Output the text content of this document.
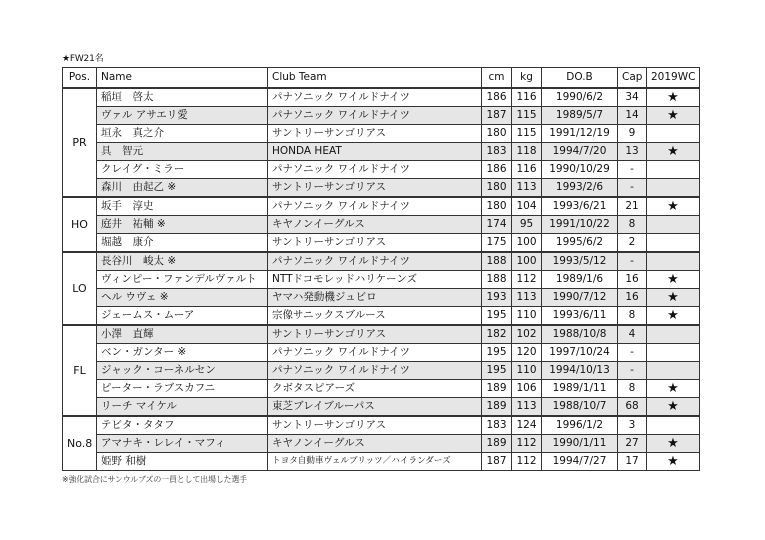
★FW21名
Pos.	Name	Club Team	cm	kg	DO.B	Cap	2019WC
PR	稲垣　啓太	パナソニック ワイルドナイツ	186	116	1990/6/2	34	★
	ヴァル アサエリ愛	パナソニック ワイルドナイツ	187	115	1989/5/7	14	★
	垣永　真之介	サントリーサンゴリアス	180	115	1991/12/19	9	
	具　智元	HONDA HEAT	183	118	1994/7/20	13	★
	クレイグ・ミラー	パナソニック ワイルドナイツ	186	116	1990/10/29	-	
	森川　由起乙 ※	サントリーサンゴリアス	180	113	1993/2/6	-	
HO	坂手　淳史	パナソニック ワイルドナイツ	180	104	1993/6/21	21	★
	庭井　祐輔 ※	キヤノンイーグルス	174	95	1991/10/22	8	
	堀越　康介	サントリーサンゴリアス	175	100	1995/6/2	2	
LO	長谷川　峻太 ※	パナソニック ワイルドナイツ	188	100	1993/5/12	-	
	ヴィンピー・ファンデルヴァルト	NTTドコモレッドハリケーンズ	188	112	1989/1/6	16	★
	ヘル ウヴェ ※	ヤマハ発動機ジュビロ	193	113	1990/7/12	16	★
	ジェームス・ムーア	宗像サニックスブルース	195	110	1993/6/11	8	★
FL	小澤　直輝	サントリーサンゴリアス	182	102	1988/10/8	4	
	ベン・ガンター ※	パナソニック ワイルドナイツ	195	120	1997/10/24	-	
	ジャック・コーネルセン	パナソニック ワイルドナイツ	195	110	1994/10/13	-	
	ピーター・ラブスカフニ	クボタスピアーズ	189	106	1989/1/11	8	★
	リーチ マイケル	東芝ブレイブルーパス	189	113	1988/10/7	68	★
No.8	テビタ・タタフ	サントリーサンゴリアス	183	124	1996/1/2	3	
	アマナキ・レレイ・マフィ	キヤノンイーグルス	189	112	1990/1/11	27	★
	姫野 和樹	トヨタ自動車ヴェルブリッツ／ハイランダーズ	187	112	1994/7/27	17	★
※強化試合にサンウルブズの一員として出場した選手
